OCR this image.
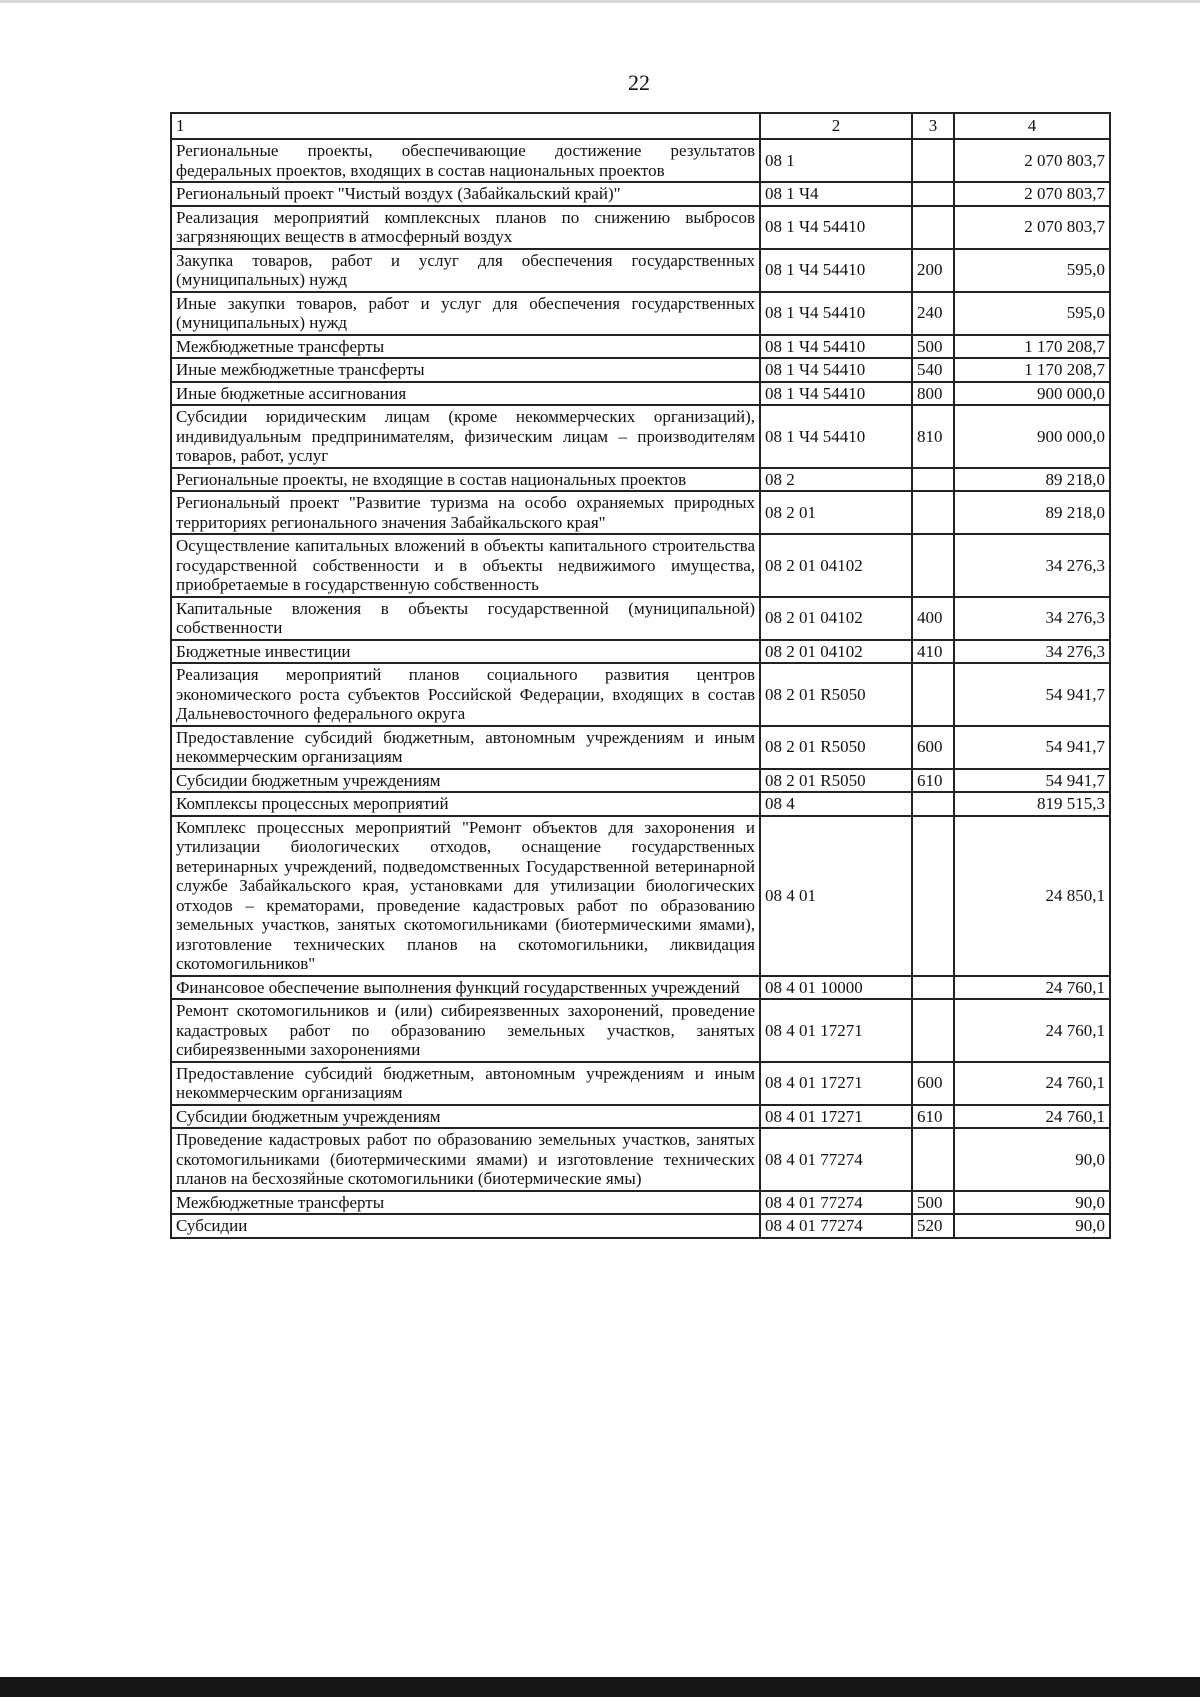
22
1	2	3	4
Региональные проекты, обеспечивающие достижение результатов федеральных проектов, входящих в состав национальных проектов	08 1		2 070 803,7
Региональный проект "Чистый воздух (Забайкальский край)"	08 1 Ч4		2 070 803,7
Реализация мероприятий комплексных планов по снижению выбросов загрязняющих веществ в атмосферный воздух	08 1 Ч4 54410		2 070 803,7
Закупка товаров, работ и услуг для обеспечения государственных (муниципальных) нужд	08 1 Ч4 54410	200	595,0
Иные закупки товаров, работ и услуг для обеспечения государственных (муниципальных) нужд	08 1 Ч4 54410	240	595,0
Межбюджетные трансферты	08 1 Ч4 54410	500	1 170 208,7
Иные межбюджетные трансферты	08 1 Ч4 54410	540	1 170 208,7
Иные бюджетные ассигнования	08 1 Ч4 54410	800	900 000,0
Субсидии юридическим лицам (кроме некоммерческих организаций), индивидуальным предпринимателям, физическим лицам – производителям товаров, работ, услуг	08 1 Ч4 54410	810	900 000,0
Региональные проекты, не входящие в состав национальных проектов	08 2		89 218,0
Региональный проект "Развитие туризма на особо охраняемых природных территориях регионального значения Забайкальского края"	08 2 01		89 218,0
Осуществление капитальных вложений в объекты капитального строительства государственной собственности и в объекты недвижимого имущества, приобретаемые в государственную собственность	08 2 01 04102		34 276,3
Капитальные вложения в объекты государственной (муниципальной) собственности	08 2 01 04102	400	34 276,3
Бюджетные инвестиции	08 2 01 04102	410	34 276,3
Реализация мероприятий планов социального развития центров экономического роста субъектов Российской Федерации, входящих в состав Дальневосточного федерального округа	08 2 01 R5050		54 941,7
Предоставление субсидий бюджетным, автономным учреждениям и иным некоммерческим организациям	08 2 01 R5050	600	54 941,7
Субсидии бюджетным учреждениям	08 2 01 R5050	610	54 941,7
Комплексы процессных мероприятий	08 4		819 515,3
Комплекс процессных мероприятий "Ремонт объектов для захоронения и утилизации биологических отходов, оснащение государственных ветеринарных учреждений, подведомственных Государственной ветеринарной службе Забайкальского края, установками для утилизации биологических отходов – крематорами, проведение кадастровых работ по образованию земельных участков, занятых скотомогильниками (биотермическими ямами), изготовление технических планов на скотомогильники, ликвидация скотомогильников"	08 4 01		24 850,1
Финансовое обеспечение выполнения функций государственных учреждений	08 4 01 10000		24 760,1
Ремонт скотомогильников и (или) сибиреязвенных захоронений, проведение кадастровых работ по образованию земельных участков, занятых сибиреязвенными захоронениями	08 4 01 17271		24 760,1
Предоставление субсидий бюджетным, автономным учреждениям и иным некоммерческим организациям	08 4 01 17271	600	24 760,1
Субсидии бюджетным учреждениям	08 4 01 17271	610	24 760,1
Проведение кадастровых работ по образованию земельных участков, занятых скотомогильниками (биотермическими ямами) и изготовление технических планов на бесхозяйные скотомогильники (биотермические ямы)	08 4 01 77274		90,0
Межбюджетные трансферты	08 4 01 77274	500	90,0
Субсидии	08 4 01 77274	520	90,0
